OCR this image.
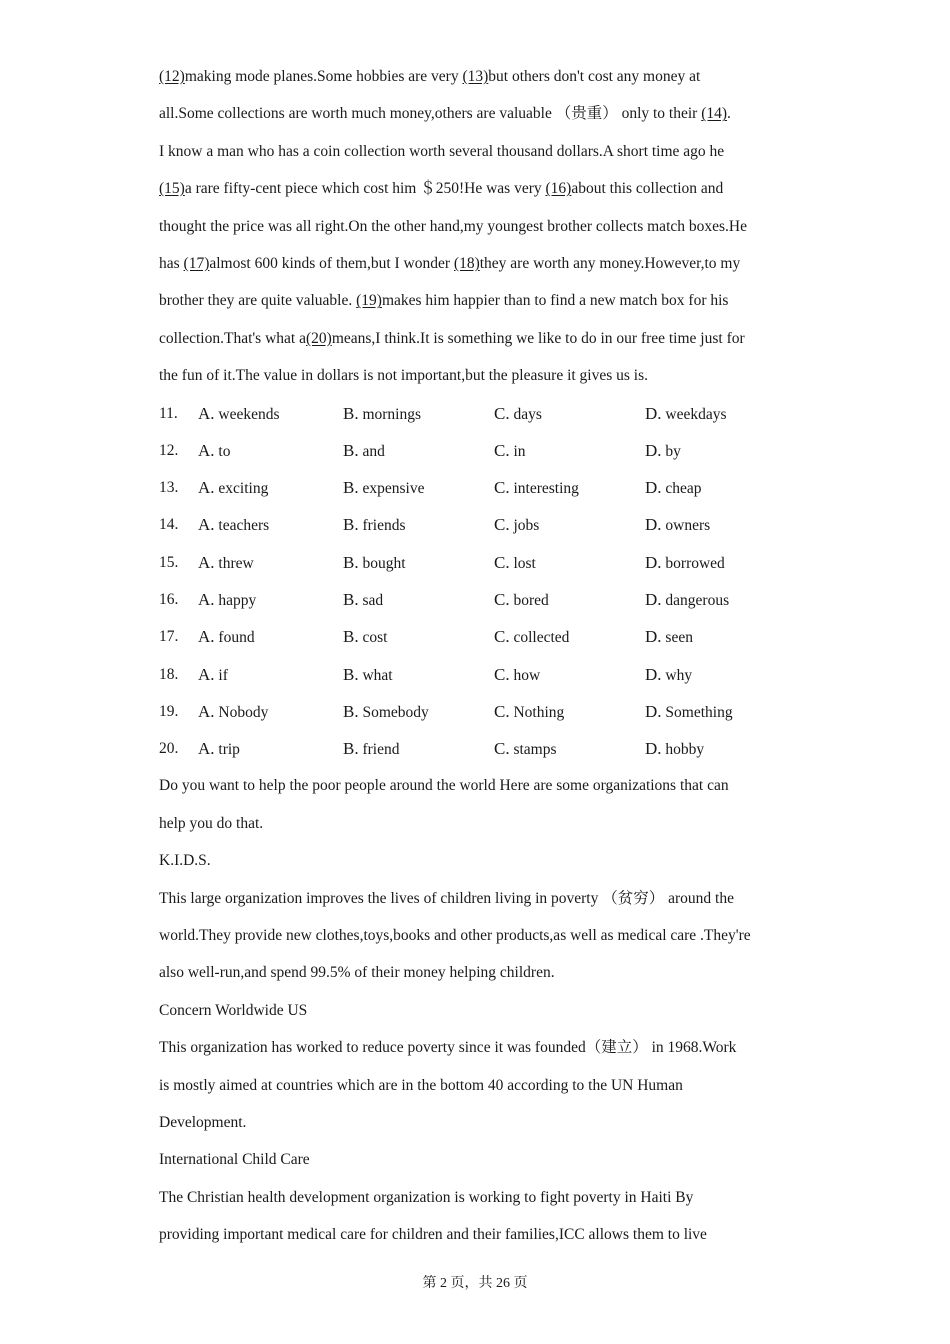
(12)making mode planes.Some hobbies are very (13)but others don't cost any money at
all.Some collections are worth much money,others are valuable （贵重） only to their (14).
I know a man who has a coin collection worth several thousand dollars.A short time ago he
(15)a rare fifty-cent piece which cost him ＄250!He was very (16)about this collection and
thought the price was all right.On the other hand,my youngest brother collects match boxes.He
has (17)almost 600 kinds of them,but I wonder (18)they are worth any money.However,to my
brother they are quite valuable. (19)makes him happier than to find a new match box for his
collection.That's what a(20)means,I think.It is something we like to do in our free time just for
the fun of it.The value in dollars is not important,but the pleasure it gives us is.
11. A. weekends	B. mornings	C. days	D. weekdays
12. A. to	B. and	C. in	D. by
13. A. exciting	B. expensive	C. interesting	D. cheap
14. A. teachers	B. friends	C. jobs	D. owners
15. A. threw	B. bought	C. lost	D. borrowed
16. A. happy	B. sad	C. bored	D. dangerous
17. A. found	B. cost	C. collected	D. seen
18. A. if	B. what	C. how	D. why
19. A. Nobody	B. Somebody	C. Nothing	D. Something
20. A. trip	B. friend	C. stamps	D. hobby
Do you want to help the poor people around the world Here are some organizations that can
help you do that.
K.I.D.S.
This large organization improves the lives of children living in poverty （贫穷） around the
world.They provide new clothes,toys,books and other products,as well as medical care .They're
also well-run,and spend 99.5% of their money helping children.
Concern Worldwide US
This organization has worked to reduce poverty since it was founded（建立） in 1968.Work
is mostly aimed at countries which are in the bottom 40 according to the UN Human
Development.
International Child Care
The Christian health development organization is working to fight poverty in Haiti By
providing important medical care for children and their families,ICC allows them to live
第 2 页，共 26 页
